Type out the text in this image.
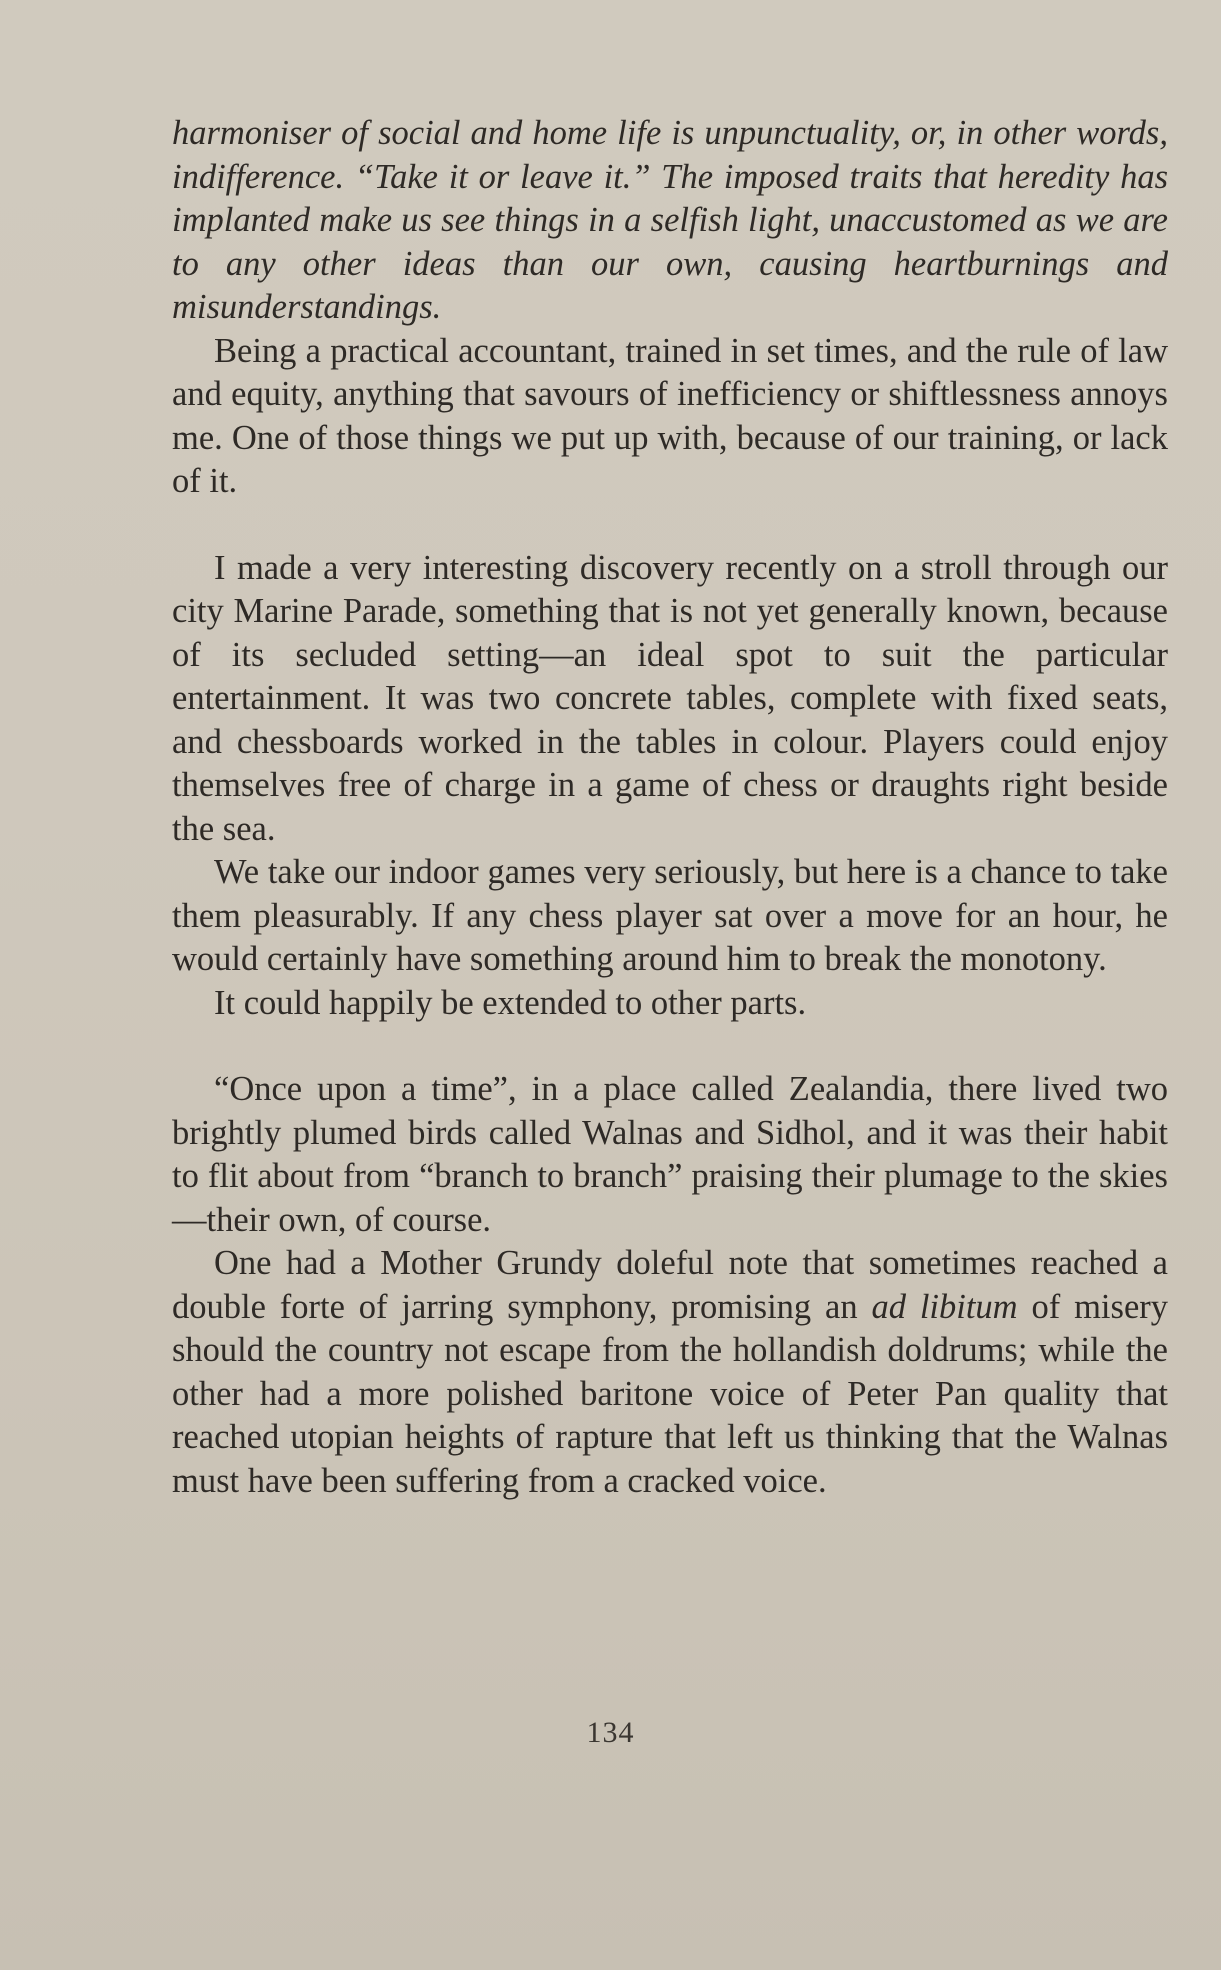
harmoniser of social and home life is unpunctuality, or, in other words, indifference. “Take it or leave it.” The imposed traits that heredity has implanted make us see things in a selfish light, unaccustomed as we are to any other ideas than our own, causing heartburnings and misunderstandings.

Being a practical accountant, trained in set times, and the rule of law and equity, anything that savours of inefficiency or shiftlessness annoys me. One of those things we put up with, because of our training, or lack of it.

I made a very interesting discovery recently on a stroll through our city Marine Parade, something that is not yet generally known, because of its secluded setting—an ideal spot to suit the particular entertainment. It was two concrete tables, complete with fixed seats, and chessboards worked in the tables in colour. Players could enjoy themselves free of charge in a game of chess or draughts right beside the sea.

We take our indoor games very seriously, but here is a chance to take them pleasurably. If any chess player sat over a move for an hour, he would certainly have something around him to break the monotony.

It could happily be extended to other parts.

“Once upon a time”, in a place called Zealandia, there lived two brightly plumed birds called Walnas and Sidhol, and it was their habit to flit about from “branch to branch” praising their plumage to the skies—their own, of course.

One had a Mother Grundy doleful note that sometimes reached a double forte of jarring symphony, promising an ad libitum of misery should the country not escape from the hollandish doldrums; while the other had a more polished baritone voice of Peter Pan quality that reached utopian heights of rapture that left us thinking that the Walnas must have been suffering from a cracked voice.

134
